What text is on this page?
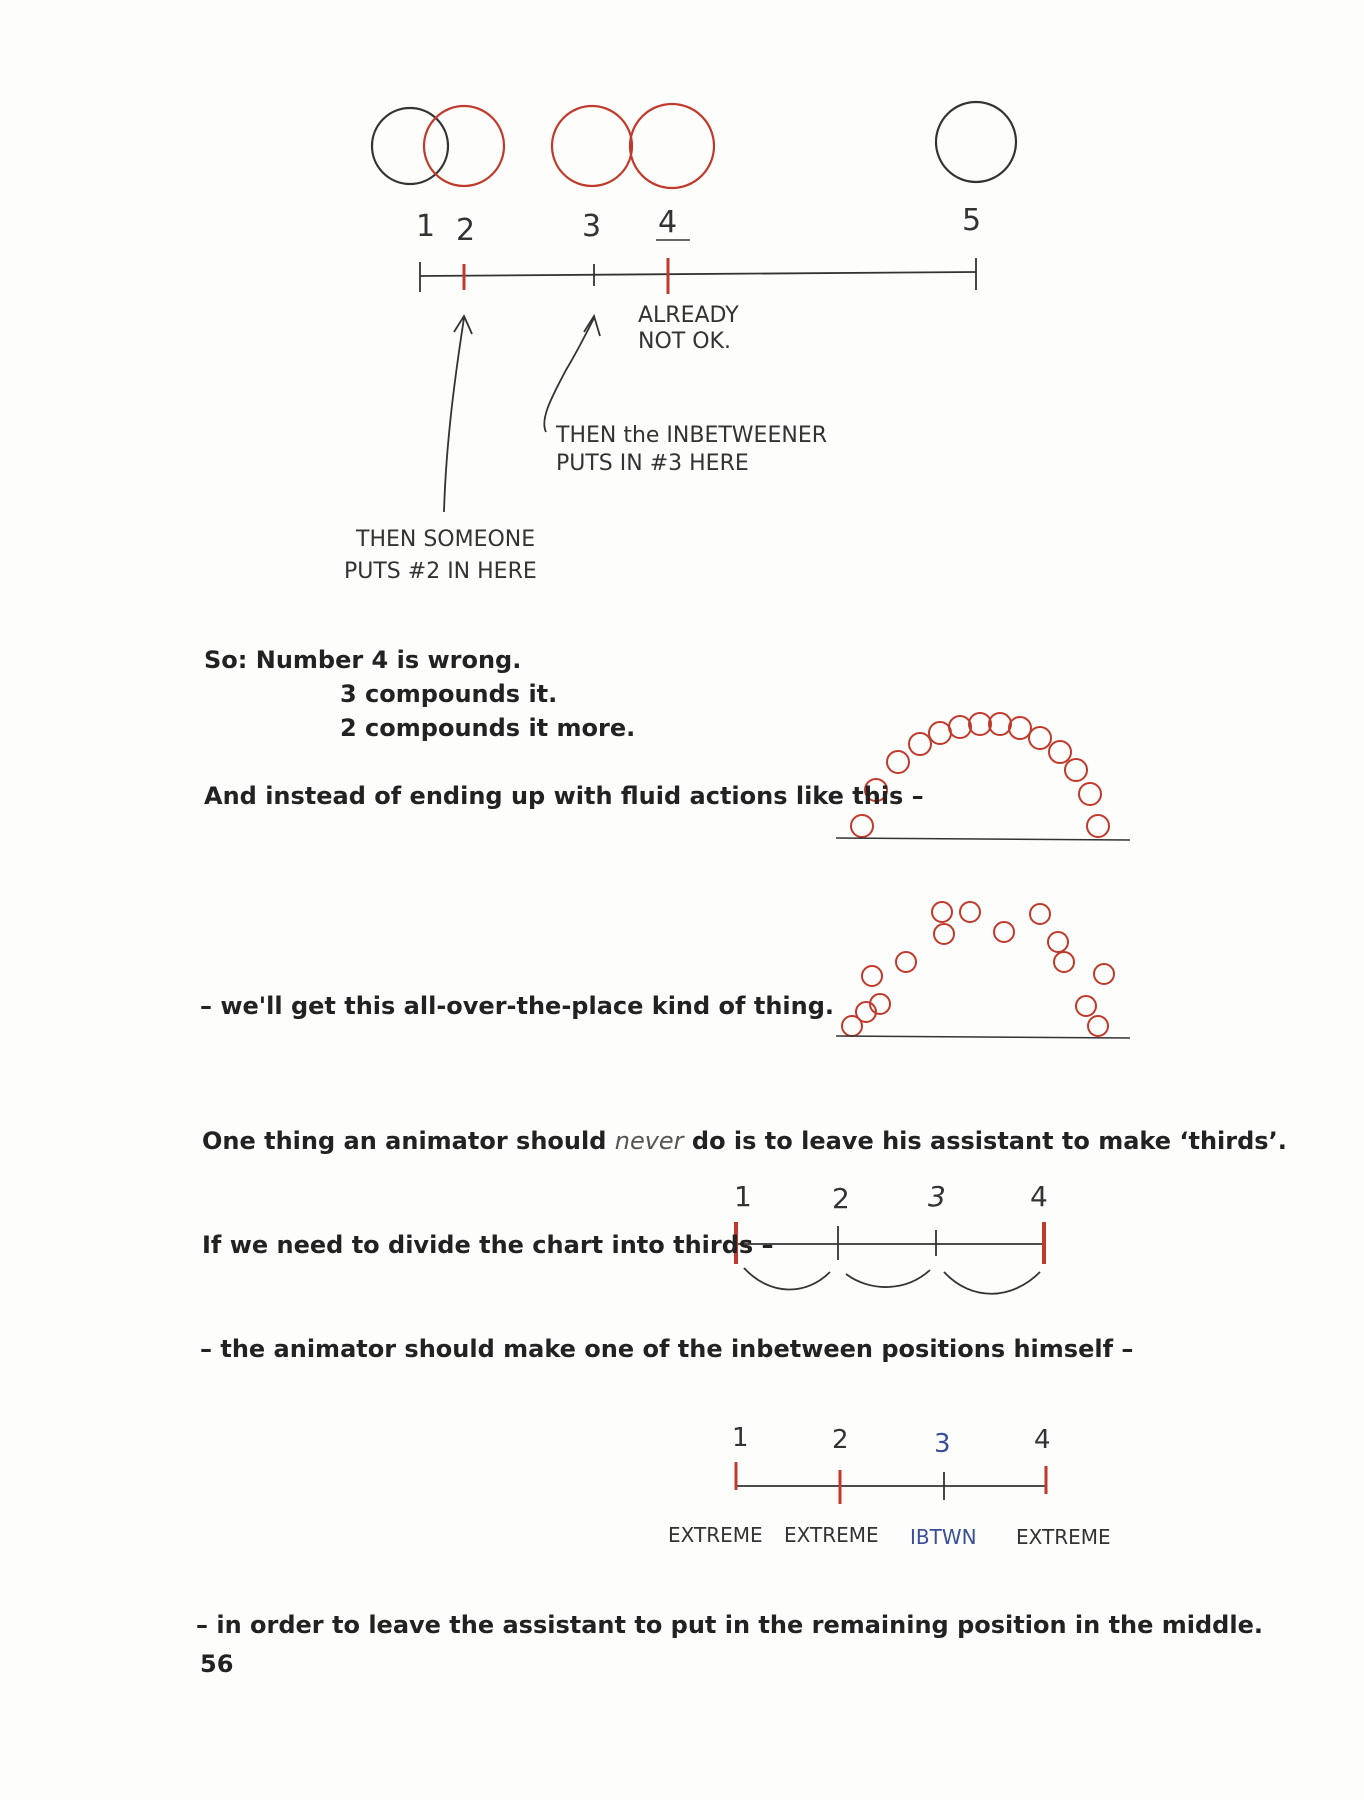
1 2	3 4	5
ALREADY
NOT OK.
THEN the INBETWEENER
PUTS IN #3 HERE
THEN SOMEONE
PUTS #2 IN HERE
1	2	3	4
1	2	3	4
EXTREME EXTREME IBTWN EXTREME
So: Number 4 is wrong.
3 compounds it.
2 compounds it more.
And instead of ending up with fluid actions like this –
– we'll get this all-over-the-place kind of thing.
One thing an animator should never do is to leave his assistant to make ‘thirds’.
If we need to divide the chart into thirds –
– the animator should make one of the inbetween positions himself –
– in order to leave the assistant to put in the remaining position in the middle.
56
